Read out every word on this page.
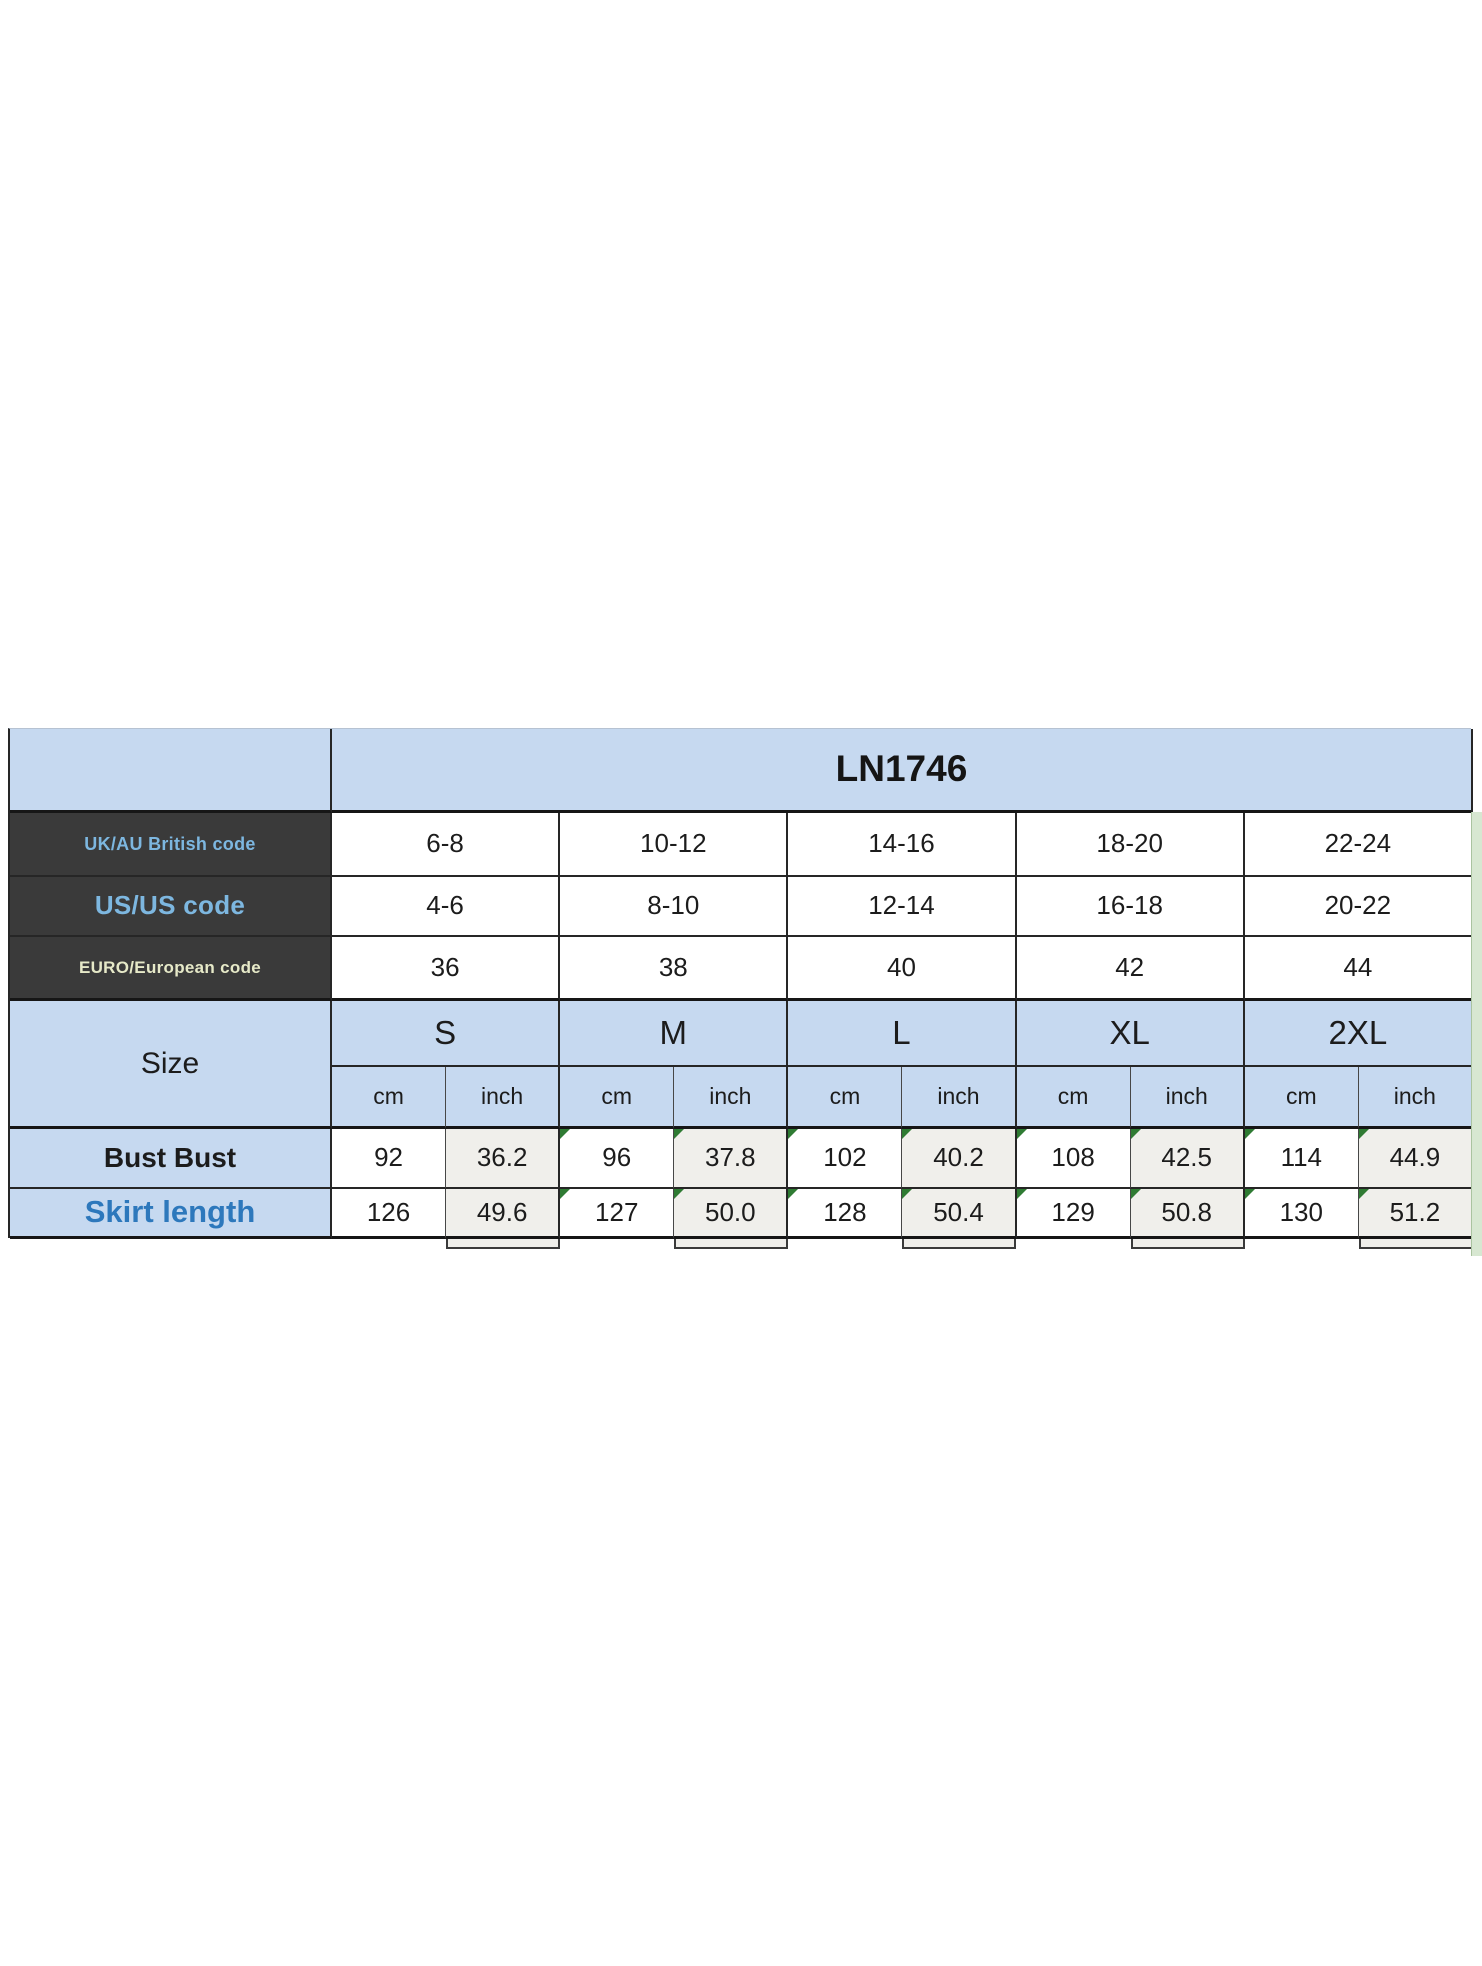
LN1746
UK/AU British code	6-8	10-12	14-16	18-20	22-24
US/US code	4-6	8-10	12-14	16-18	20-22
EURO/European code	36	38	40	42	44
Size
S	M	L	XL	2XL
cm	inch	cm	inch	cm	inch	cm	inch	cm	inch
Bust Bust	92	36.2	96	37.8	102	40.2	108	42.5	114	44.9
Skirt length	126	49.6	127	50.0	128	50.4	129	50.8	130	51.2
